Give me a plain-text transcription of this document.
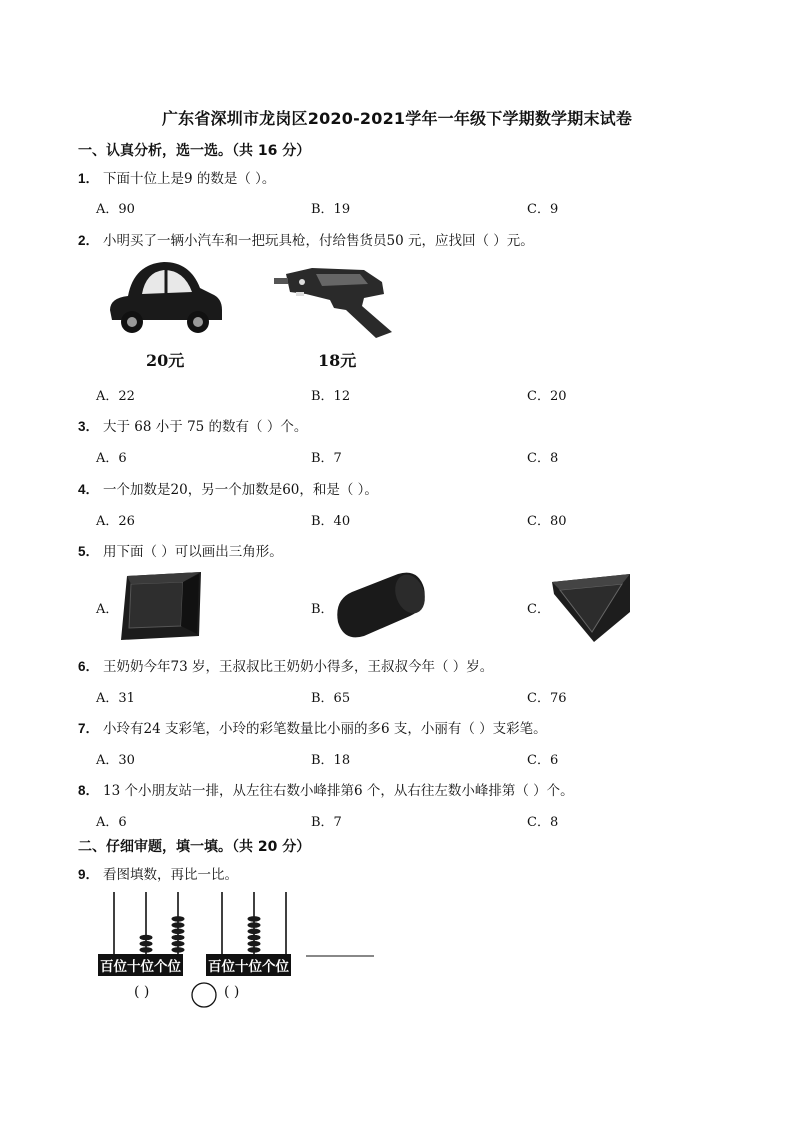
广东省深圳市龙岗区2020-2021学年一年级下学期数学期末试卷
一、认真分析，选一选。（共 16 分）
1． 下面十位上是9 的数是（ ）。
A．90	B．19	C．9
2． 小明买了一辆小汽车和一把玩具枪，付给售货员50 元，应找回（ ）元。
20元	18元
A．22	B．12	C．20
3． 大于 68 小于 75 的数有（ ）个。
A．6	B．7	C．8
4． 一个加数是20，另一个加数是60，和是（ ）。
A．26	B．40	C．80
5． 用下面（ ）可以画出三角形。
A．	B．	C．
6． 王奶奶今年73 岁，王叔叔比王奶奶小得多，王叔叔今年（ ）岁。
A．31	B．65	C．76
7． 小玲有24 支彩笔，小玲的彩笔数量比小丽的多6 支，小丽有（ ）支彩笔。
A．30	B．18	C．6
8． 13 个小朋友站一排，从左往右数小峰排第6 个，从右往左数小峰排第（ ）个。
A．6	B．7	C．8
二、仔细审题，填一填。（共 20 分）
9． 看图填数，再比一比。
百位十位个位 百位十位个位
( )	( )
